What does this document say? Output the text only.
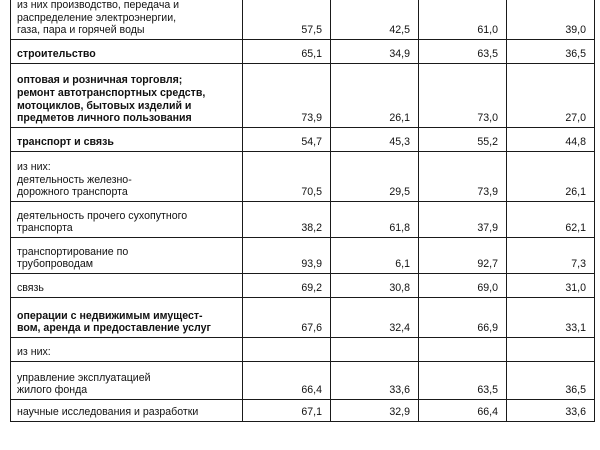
из них производство, передача и
распределение электроэнергии,
газа, пара и горячей воды	57,5	42,5	61,0	39,0

строительство	65,1	34,9	63,5	36,5

оптовая и розничная торговля;
ремонт автотранспортных средств,
мотоциклов, бытовых изделий и
предметов личного пользования	73,9	26,1	73,0	27,0

транспорт и связь	54,7	45,3	55,2	44,8

из них:
деятельность железно-
дорожного транспорта	70,5	29,5	73,9	26,1

деятельность прочего сухопутного
транспорта	38,2	61,8	37,9	62,1

транспортирование по
трубопроводам	93,9	6,1	92,7	7,3

связь	69,2	30,8	69,0	31,0

операции с недвижимым имущест-
вом, аренда и предоставление услуг	67,6	32,4	66,9	33,1

из них:				

управление эксплуатацией
жилого фонда	66,4	33,6	63,5	36,5

научные исследования и разработки	67,1	32,9	66,4	33,6
